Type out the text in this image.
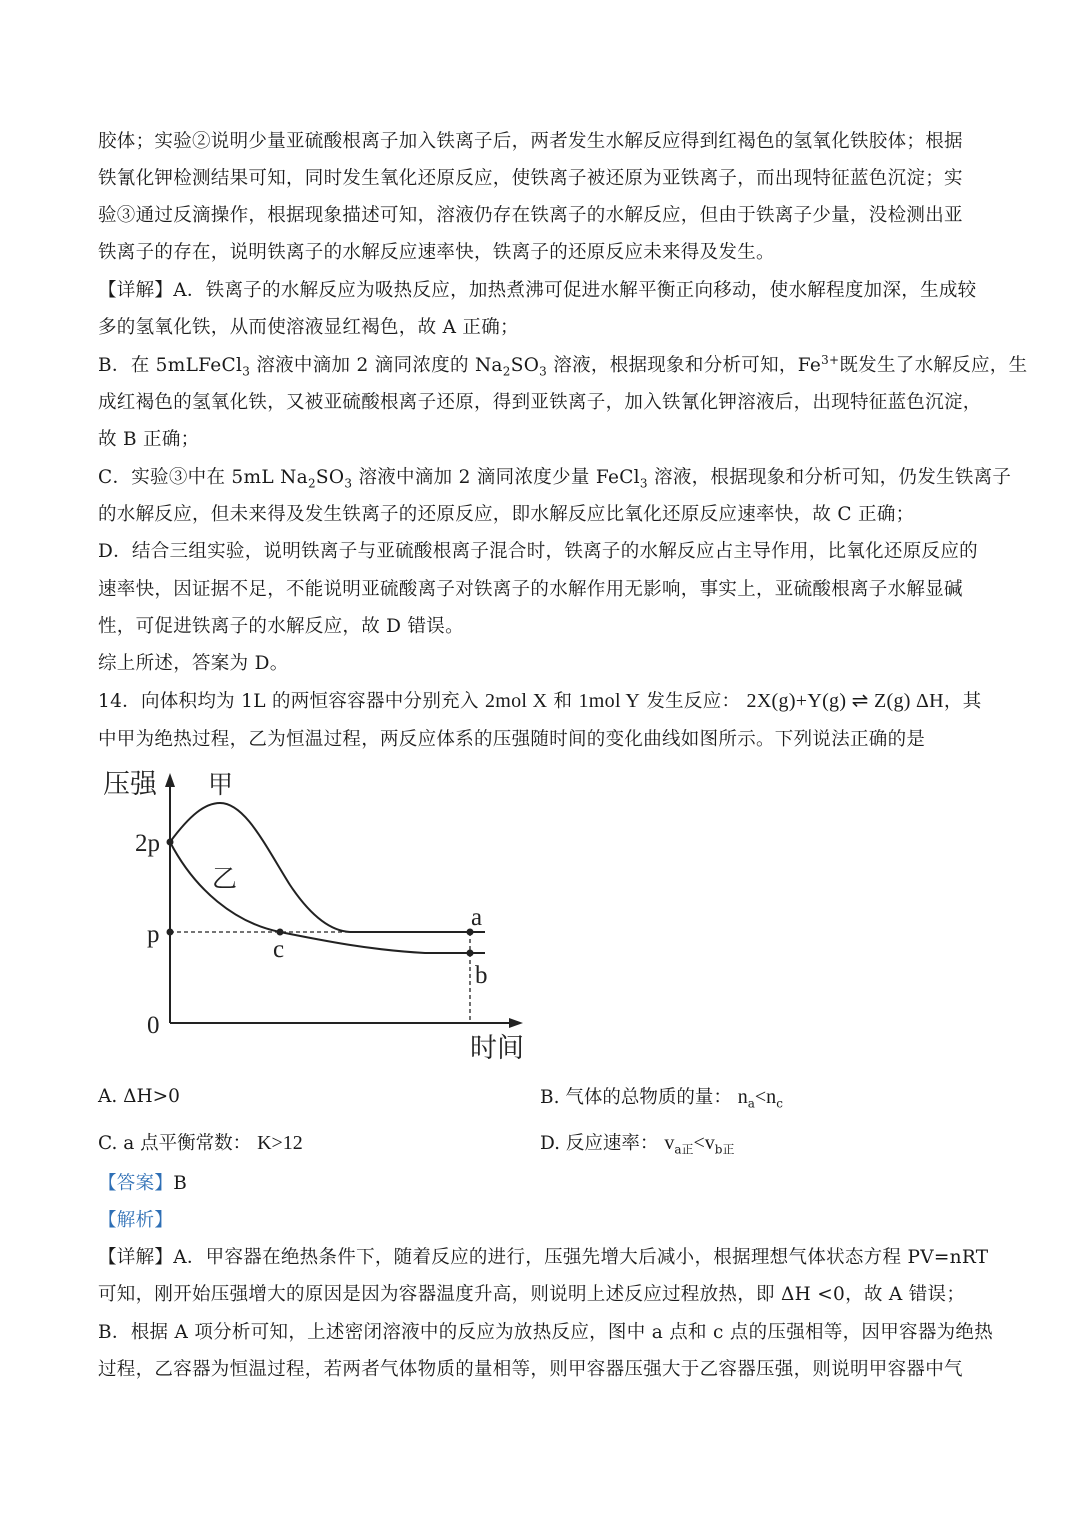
胶体；实验②说明少量亚硫酸根离子加入铁离子后，两者发生水解反应得到红褐色的氢氧化铁胶体；根据
铁氰化钾检测结果可知，同时发生氧化还原反应，使铁离子被还原为亚铁离子，而出现特征蓝色沉淀；实
验③通过反滴操作，根据现象描述可知，溶液仍存在铁离子的水解反应，但由于铁离子少量，没检测出亚
铁离子的存在，说明铁离子的水解反应速率快，铁离子的还原反应未来得及发生。
【详解】A．铁离子的水解反应为吸热反应，加热煮沸可促进水解平衡正向移动，使水解程度加深，生成较
多的氢氧化铁，从而使溶液显红褐色，故 A 正确；
B．在 5mLFeCl$_3$ 溶液中滴加 2 滴同浓度的 $Na_2SO_3$ 溶液，根据现象和分析可知，$Fe^{3+}$既发生了水解反应，生
成红褐色的氢氧化铁，又被亚硫酸根离子还原，得到亚铁离子，加入铁氰化钾溶液后，出现特征蓝色沉淀，
故 B 正确；
C．实验③中在 5mL $Na_2SO_3$ 溶液中滴加 2 滴同浓度少量 FeCl$_3$ 溶液，根据现象和分析可知，仍发生铁离子
的水解反应，但未来得及发生铁离子的还原反应，即水解反应比氧化还原反应速率快，故 C 正确；
D．结合三组实验，说明铁离子与亚硫酸根离子混合时，铁离子的水解反应占主导作用，比氧化还原反应的
速率快，因证据不足，不能说明亚硫酸离子对铁离子的水解作用无影响，事实上，亚硫酸根离子水解显碱
性，可促进铁离子的水解反应，故 D 错误。
综上所述，答案为 D。
14．向体积均为 1L 的两恒容容器中分别充入 2mol X 和 1mol Y 发生反应： 2X(g)+Y(g) ⇌ Z(g) ΔH，其
中甲为绝热过程，乙为恒温过程，两反应体系的压强随时间的变化曲线如图所示。下列说法正确的是
压强
时间
0
2p
p
甲
乙
a
b
c
A. ΔH>0	B. 气体的总物质的量： $n_a<n_c$
C. a 点平衡常数： K>12	D. 反应速率： $v_{a正}<v_{b正}$
【答案】B
【解析】
【详解】A．甲容器在绝热条件下，随着反应的进行，压强先增大后减小，根据理想气体状态方程 PV=nRT
可知，刚开始压强增大的原因是因为容器温度升高，则说明上述反应过程放热，即 ΔH <0，故 A 错误；
B．根据 A 项分析可知，上述密闭溶液中的反应为放热反应，图中 a 点和 c 点的压强相等，因甲容器为绝热
过程，乙容器为恒温过程，若两者气体物质的量相等，则甲容器压强大于乙容器压强，则说明甲容器中气
